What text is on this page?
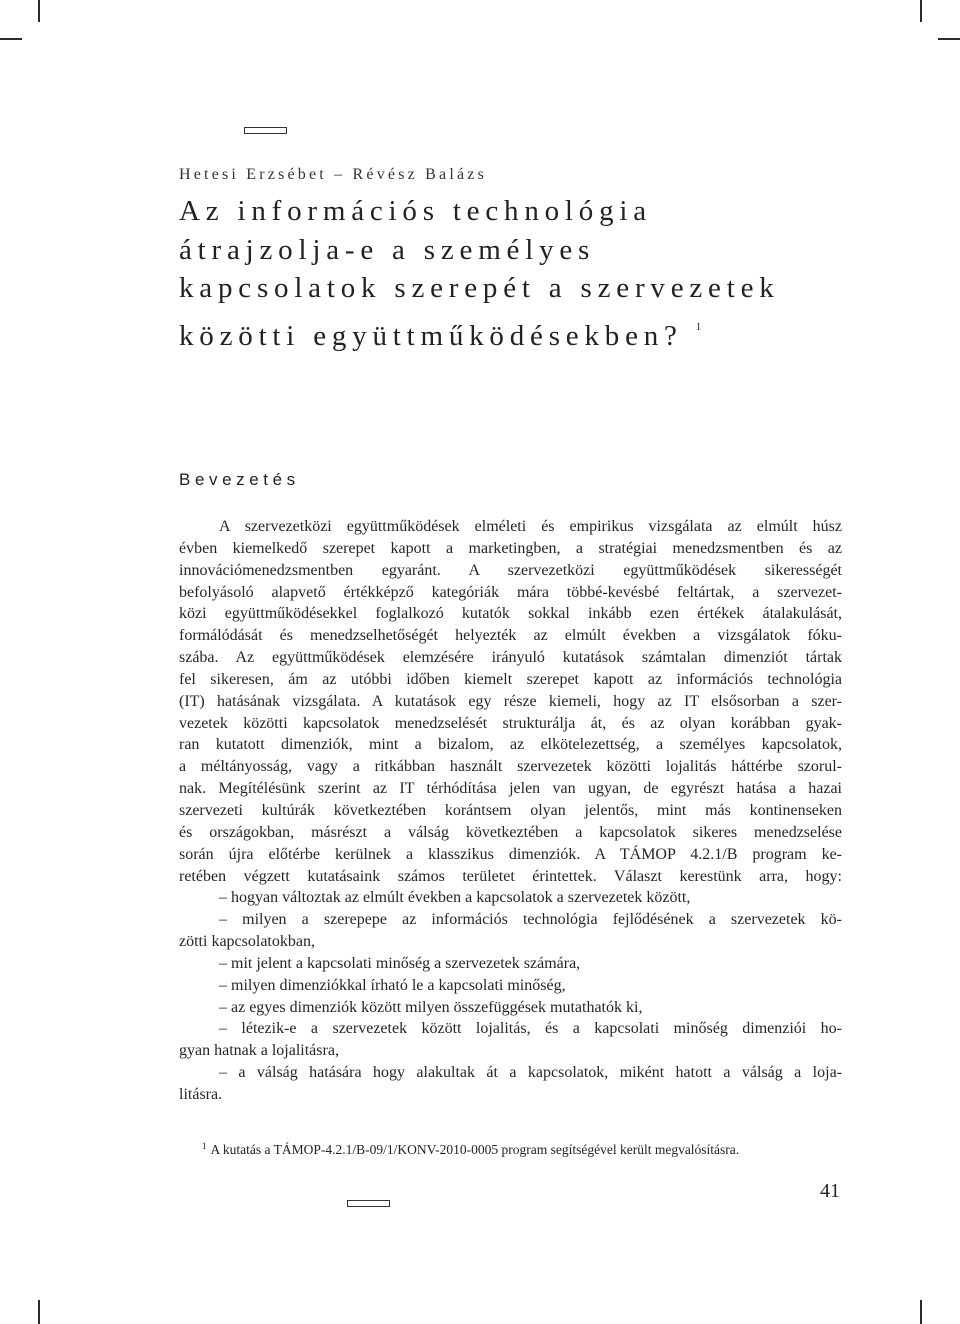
Hetesi Erzsébet – Révész Balázs
Az információs technológia
átrajzolja-e a személyes
kapcsolatok szerepét a szervezetek
közötti együttműködésekben? $^1$
Bevezetés
A szervezetközi együttműködések elméleti és empirikus vizsgálata az elmúlt húsz
évben kiemelkedő szerepet kapott a marketingben, a stratégiai menedzsmentben és az
innovációmenedzsmentben egyaránt. A szervezetközi együttműködések sikerességét
befolyásoló alapvető értékképző kategóriák mára többé-kevésbé feltártak, a szervezet-
közi együttműködésekkel foglalkozó kutatók sokkal inkább ezen értékek átalakulását,
formálódását és menedzselhetőségét helyezték az elmúlt években a vizsgálatok fóku-
szába. Az együttműködések elemzésére irányuló kutatások számtalan dimenziót tártak
fel sikeresen, ám az utóbbi időben kiemelt szerepet kapott az információs technológia
(IT) hatásának vizsgálata. A kutatások egy része kiemeli, hogy az IT elsősorban a szer-
vezetek közötti kapcsolatok menedzselését strukturálja át, és az olyan korábban gyak-
ran kutatott dimenziók, mint a bizalom, az elkötelezettség, a személyes kapcsolatok,
a méltányosság, vagy a ritkábban használt szervezetek közötti lojalitás háttérbe szorul-
nak. Megítélésünk szerint az IT térhódítása jelen van ugyan, de egyrészt hatása a hazai
szervezeti kultúrák következtében korántsem olyan jelentős, mint más kontinenseken
és országokban, másrészt a válság következtében a kapcsolatok sikeres menedzselése
során újra előtérbe kerülnek a klasszikus dimenziók. A TÁMOP 4.2.1/B program ke-
retében végzett kutatásaink számos területet érintettek. Választ kerestünk arra, hogy:
– hogyan változtak az elmúlt években a kapcsolatok a szervezetek között,
– milyen a szerepepe az információs technológia fejlődésének a szervezetek kö-
zötti kapcsolatokban,
– mit jelent a kapcsolati minőség a szervezetek számára,
– milyen dimenziókkal írható le a kapcsolati minőség,
– az egyes dimenziók között milyen összefüggések mutathatók ki,
– létezik-e a szervezetek között lojalitás, és a kapcsolati minőség dimenziói ho-
gyan hatnak a lojalitásra,
– a válság hatására hogy alakultak át a kapcsolatok, miként hatott a válság a loja-
litásra.
$^1$ A kutatás a TÁMOP-4.2.1/B-09/1/KONV-2010-0005 program segítségével került megvalósításra.
41
